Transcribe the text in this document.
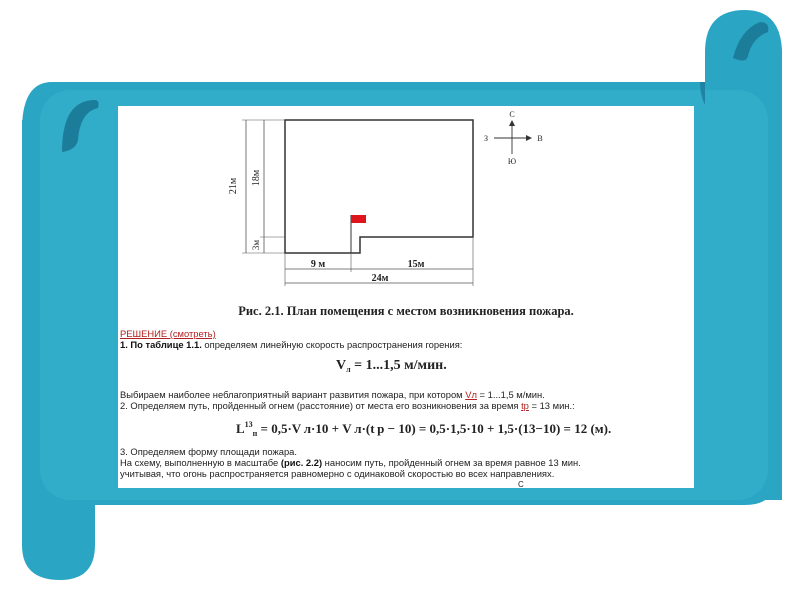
21м 18м
3м
9 м	15м
24м
С
Ю
З	В
Рис. 2.1. План помещения с местом возникновения пожара.
РЕШЕНИЕ (смотреть)
1. По таблице 1.1. определяем линейную скорость распространения горения:
$V_л = 1...1,5$ м/мин.
Выбираем наиболее неблагоприятный вариант развития пожара, при котором Vл = 1...1,5 м/мин.
2. Определяем путь, пройденный огнем (расстояние) от места его возникновения за время tр = 13 мин.:
$L^{13}_п = 0,5\cdot V$ л·10 + V л·(t р − 10) = 0,5·1,5·10 + 1,5·(13−10) = 12 (м).
3. Определяем форму площади пожара.
На схему, выполненную в масштабе (рис. 2.2) наносим путь, пройденный огнем за время равное 13 мин.
учитывая, что огонь распространяется равномерно с одинаковой скоростью во всех направлениях.
С
